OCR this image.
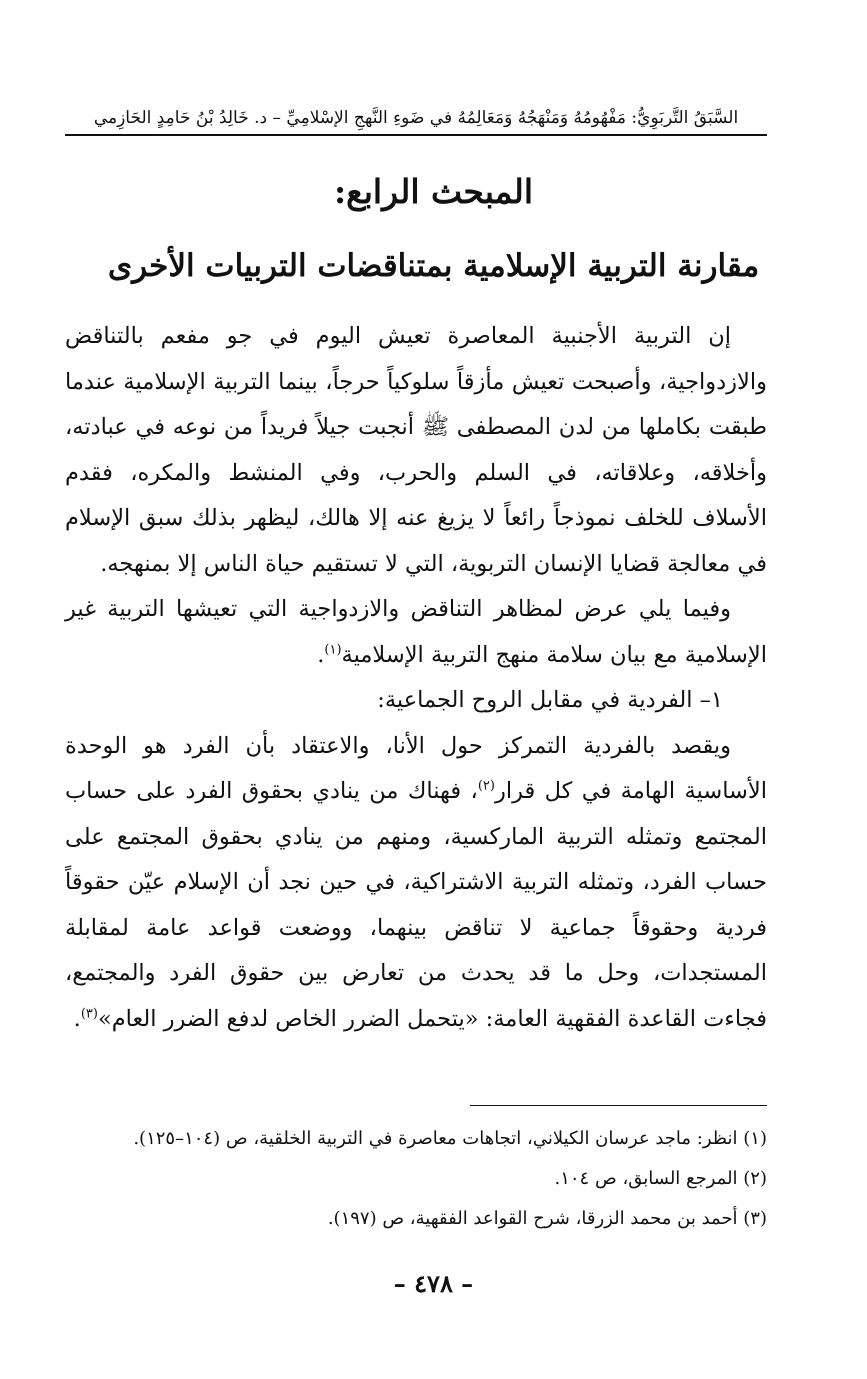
السَّبَقُ التَّربَوِيُّ: مَفْهُومُهُ وَمَنْهَجُهُ وَمَعَالِمُهُ في ضَوءِ النَّهجِ الإسْلامِيِّ – د. خَالِدُ بْنُ حَامِدٍ الحَازِمي
المبحث الرابع:
مقارنة التربية الإسلامية بمتناقضات التربيات الأخرى

إن التربية الأجنبية المعاصرة تعيش اليوم في جو مفعم بالتناقض والازدواجية، وأصبحت تعيش مأزقاً سلوكياً حرجاً، بينما التربية الإسلامية عندما طبقت بكاملها من لدن المصطفى ﷺ أنجبت جيلاً فريداً من نوعه في عبادته، وأخلاقه، وعلاقاته، في السلم والحرب، وفي المنشط والمكره، فقدم الأسلاف للخلف نموذجاً رائعاً لا يزيغ عنه إلا هالك، ليظهر بذلك سبق الإسلام في معالجة قضايا الإنسان التربوية، التي لا تستقيم حياة الناس إلا بمنهجه.

وفيما يلي عرض لمظاهر التناقض والازدواجية التي تعيشها التربية غير الإسلامية مع بيان سلامة منهج التربية الإسلامية$^{(١)}$.

١– الفردية في مقابل الروح الجماعية:

ويقصد بالفردية التمركز حول الأنا، والاعتقاد بأن الفرد هو الوحدة الأساسية الهامة في كل قرار$^{(٢)}$، فهناك من ينادي بحقوق الفرد على حساب المجتمع وتمثله التربية الماركسية، ومنهم من ينادي بحقوق المجتمع على حساب الفرد، وتمثله التربية الاشتراكية، في حين نجد أن الإسلام عيّن حقوقاً فردية وحقوقاً جماعية لا تناقض بينهما، ووضعت قواعد عامة لمقابلة المستجدات، وحل ما قد يحدث من تعارض بين حقوق الفرد والمجتمع، فجاءت القاعدة الفقهية العامة: «يتحمل الضرر الخاص لدفع الضرر العام»$^{(٣)}$.

(١) انظر: ماجد عرسان الكيلاني، اتجاهات معاصرة في التربية الخلقية، ص (١٠٤–١٢٥).

(٢) المرجع السابق، ص ١٠٤.

(٣) أحمد بن محمد الزرقا، شرح القواعد الفقهية، ص (١٩٧).

– ٤٧٨ –
